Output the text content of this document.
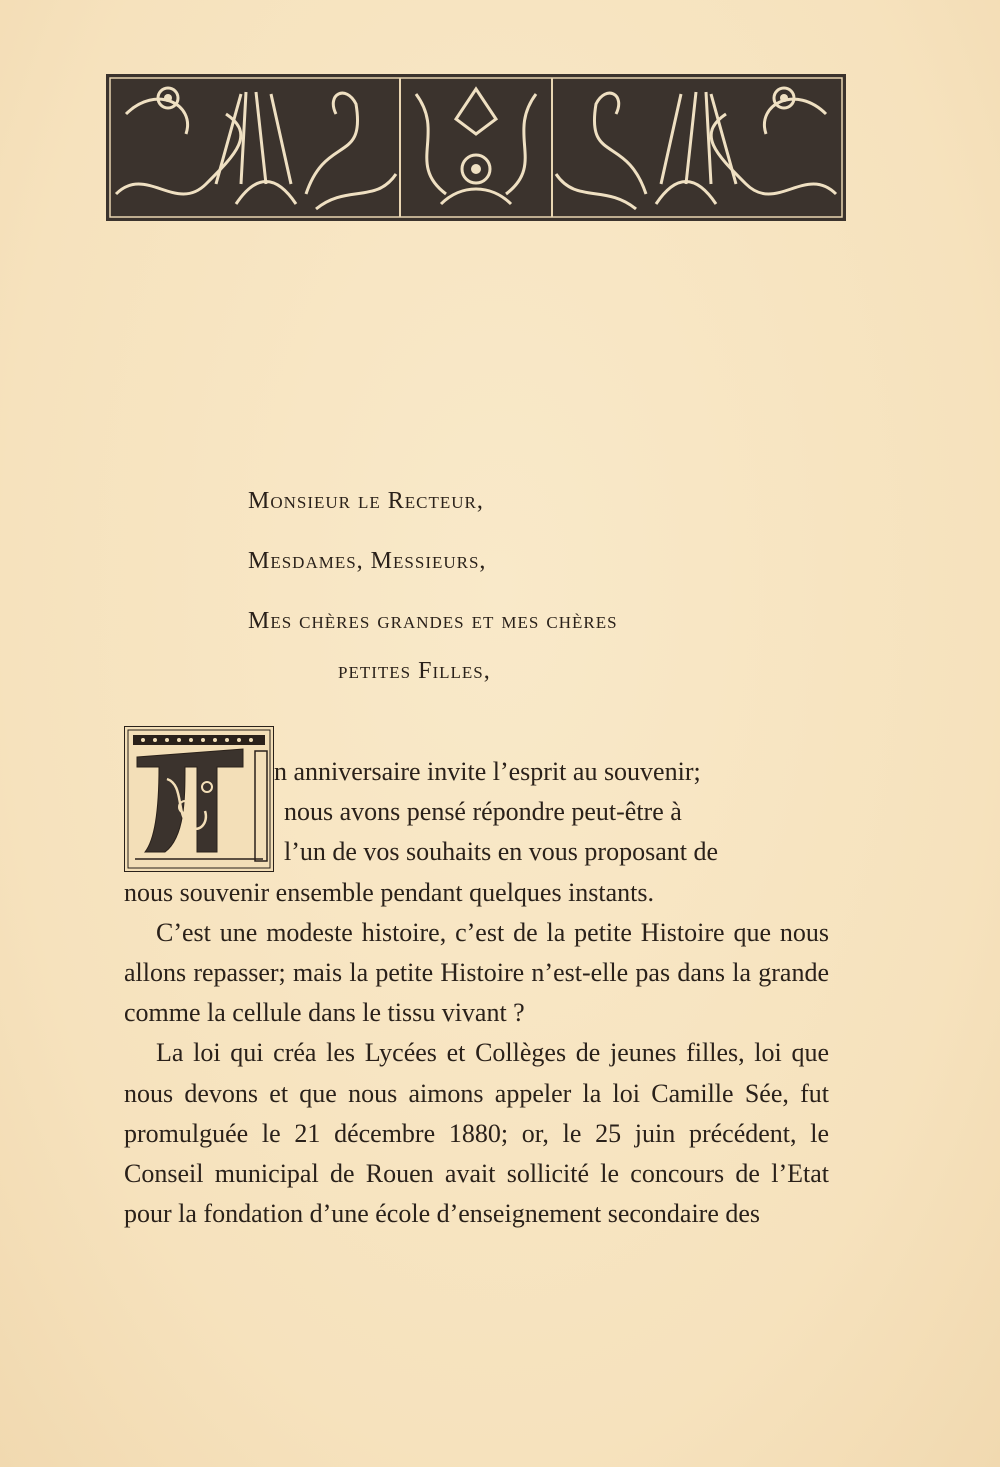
Monsieur le Recteur,
Mesdames, Messieurs,
Mes chères grandes et mes chères
petites Filles,

n anniversaire invite l’esprit au souvenir;

nous avons pensé répondre peut-être à

l’un de vos souhaits en vous proposant de

nous souvenir ensemble pendant quelques instants.

C’est une modeste histoire, c’est de la petite Histoire que nous allons repasser; mais la petite Histoire n’est-elle pas dans la grande comme la cellule dans le tissu vivant ?

La loi qui créa les Lycées et Collèges de jeunes filles, loi que nous devons et que nous aimons appeler la loi Camille Sée, fut promulguée le 21 décembre 1880; or, le 25 juin précédent, le Conseil municipal de Rouen avait sollicité le concours de l’Etat pour la fondation d’une école d’enseignement secondaire des
